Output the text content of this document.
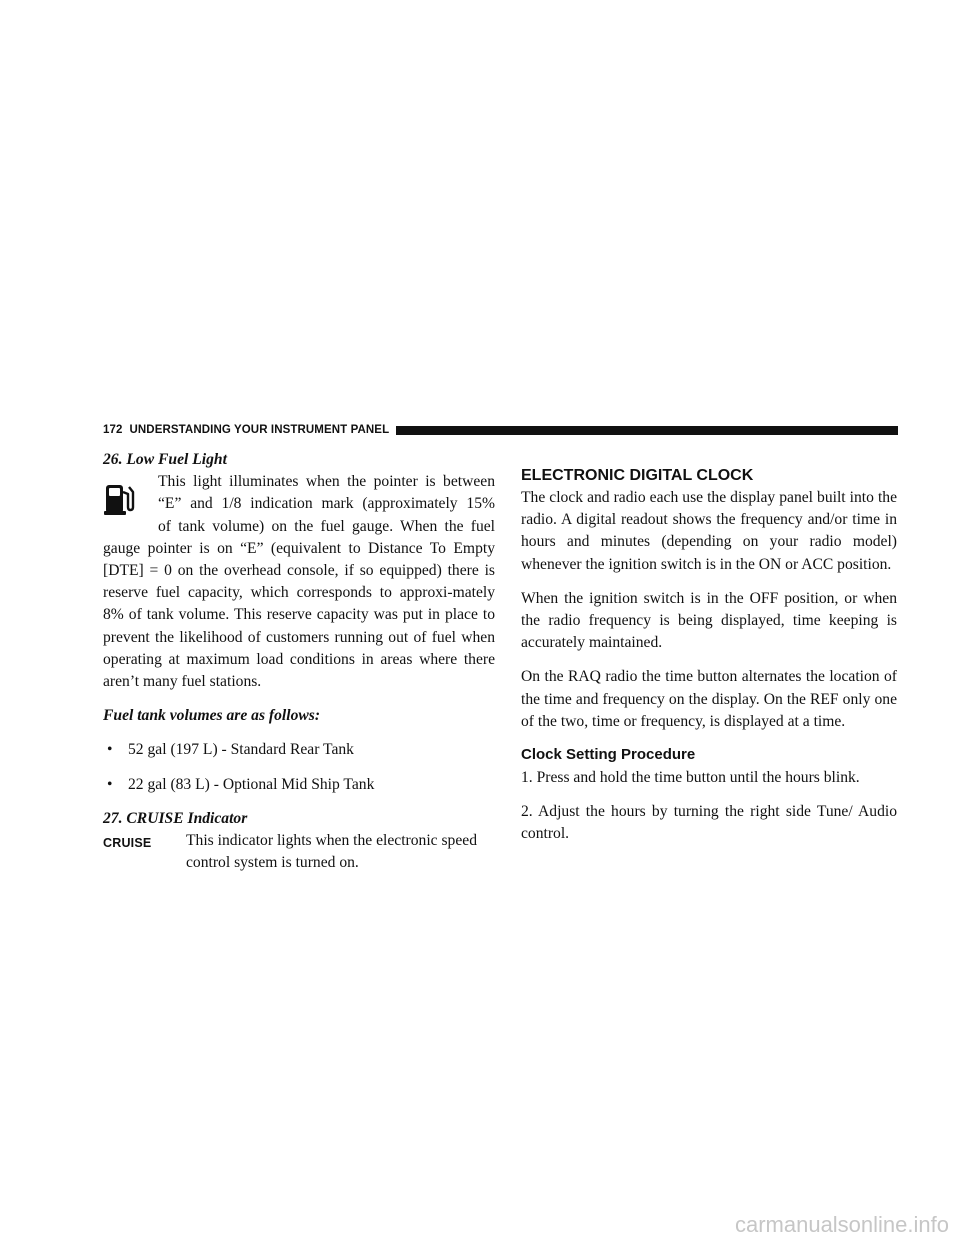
172 UNDERSTANDING YOUR INSTRUMENT PANEL
26. Low Fuel Light
This light illuminates when the pointer is between
“E” and 1/8 indication mark (approximately 15%
of tank volume) on the fuel gauge. When the fuel
gauge pointer is on “E” (equivalent to Distance To Empty [DTE] = 0 on the overhead console, if so equipped) there is reserve fuel capacity, which corresponds to approxi-mately 8% of tank volume. This reserve capacity was put in place to prevent the likelihood of customers running out of fuel when operating at maximum load conditions in areas where there aren’t many fuel stations.
Fuel tank volumes are as follows:
• 52 gal (197 L) - Standard Rear Tank
• 22 gal (83 L) - Optional Mid Ship Tank
27. CRUISE Indicator
CRUISE	This indicator lights when the electronic speed control system is turned on.
ELECTRONIC DIGITAL CLOCK
The clock and radio each use the display panel built into the radio. A digital readout shows the frequency and/or time in hours and minutes (depending on your radio model) whenever the ignition switch is in the ON or ACC position.
When the ignition switch is in the OFF position, or when the radio frequency is being displayed, time keeping is accurately maintained.
On the RAQ radio the time button alternates the location of the time and frequency on the display. On the REF only one of the two, time or frequency, is displayed at a time.
Clock Setting Procedure
1. Press and hold the time button until the hours blink.
2. Adjust the hours by turning the right side Tune/ Audio control.
carmanualsonline.info
